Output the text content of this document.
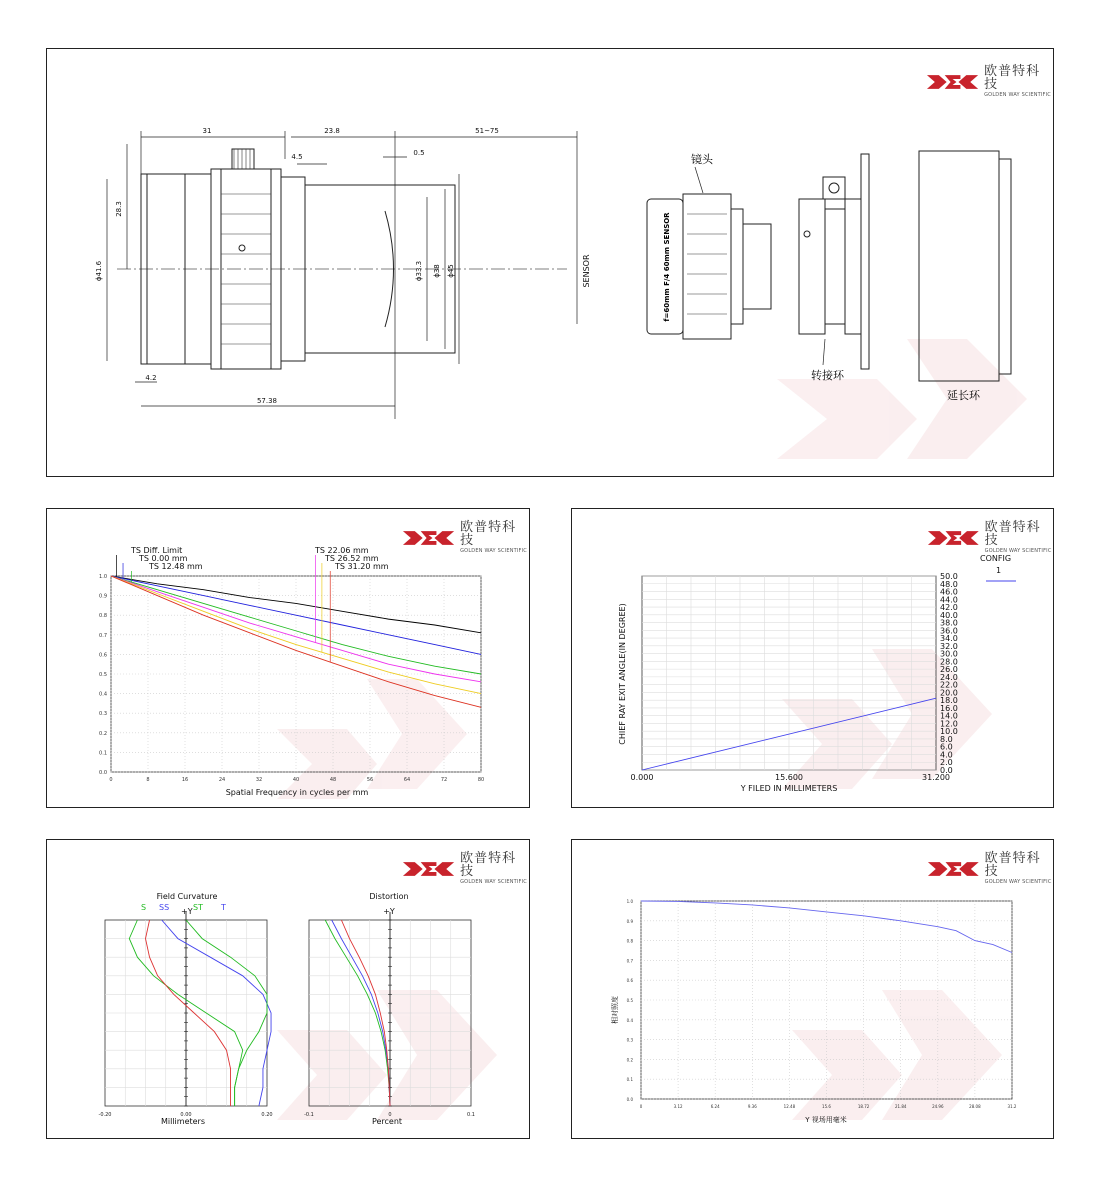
欧普特科技
GOLDEN WAY SCIENTIFIC
31	23.8	51~75
4.5	0.5
28.3
ϕ41.6	ϕ33.3 ϕ38 ϕ45
4.2
57.38
SENSOR	f=60mm F/4 60mm SENSOR
镜头
转接环
延长环
欧普特科技
GOLDEN WAY SCIENTIFIC
0	8	16	24	32	40	48	56	64	72	80
0.0
0.1
0.2
0.3
0.4
0.5
0.6
0.7
0.8
0.9
1.0
TS Diff. Limit
TS 0.00 mm
TS 12.48 mm
TS 22.06 mm
TS 26.52 mm
TS 31.20 mm
Spatial Frequency in cycles per mm
欧普特科技
GOLDEN WAY SCIENTIFIC
0.0
2.0
4.0
6.0
8.0
10.0
12.0
14.0
16.0
18.0
20.0
22.0
24.0
26.0
28.0
30.0
32.0
34.0
36.0
38.0
40.0
42.0
44.0
46.0
48.0
50.0
0.000	15.600	31.200
CONFIG
1
CHIEF RAY EXIT ANGLE(IN DEGREE)
Y FILED IN MILLIMETERS
欧普特科技
GOLDEN WAY SCIENTIFIC
-0.20	0.00	0.20	-0.1	0	0.1
Field Curvature
S SS +Y ST T
Millimeters
Distortion
+Y
Percent
欧普特科技
GOLDEN WAY SCIENTIFIC
0	3.12	6.24	9.36	12.48	15.6	18.72	21.84	24.96	28.08	31.2
0.0
0.1
0.2
0.3
0.4
0.5
0.6
0.7
0.8
0.9
1.0
相对照度
Y 视场用毫米
